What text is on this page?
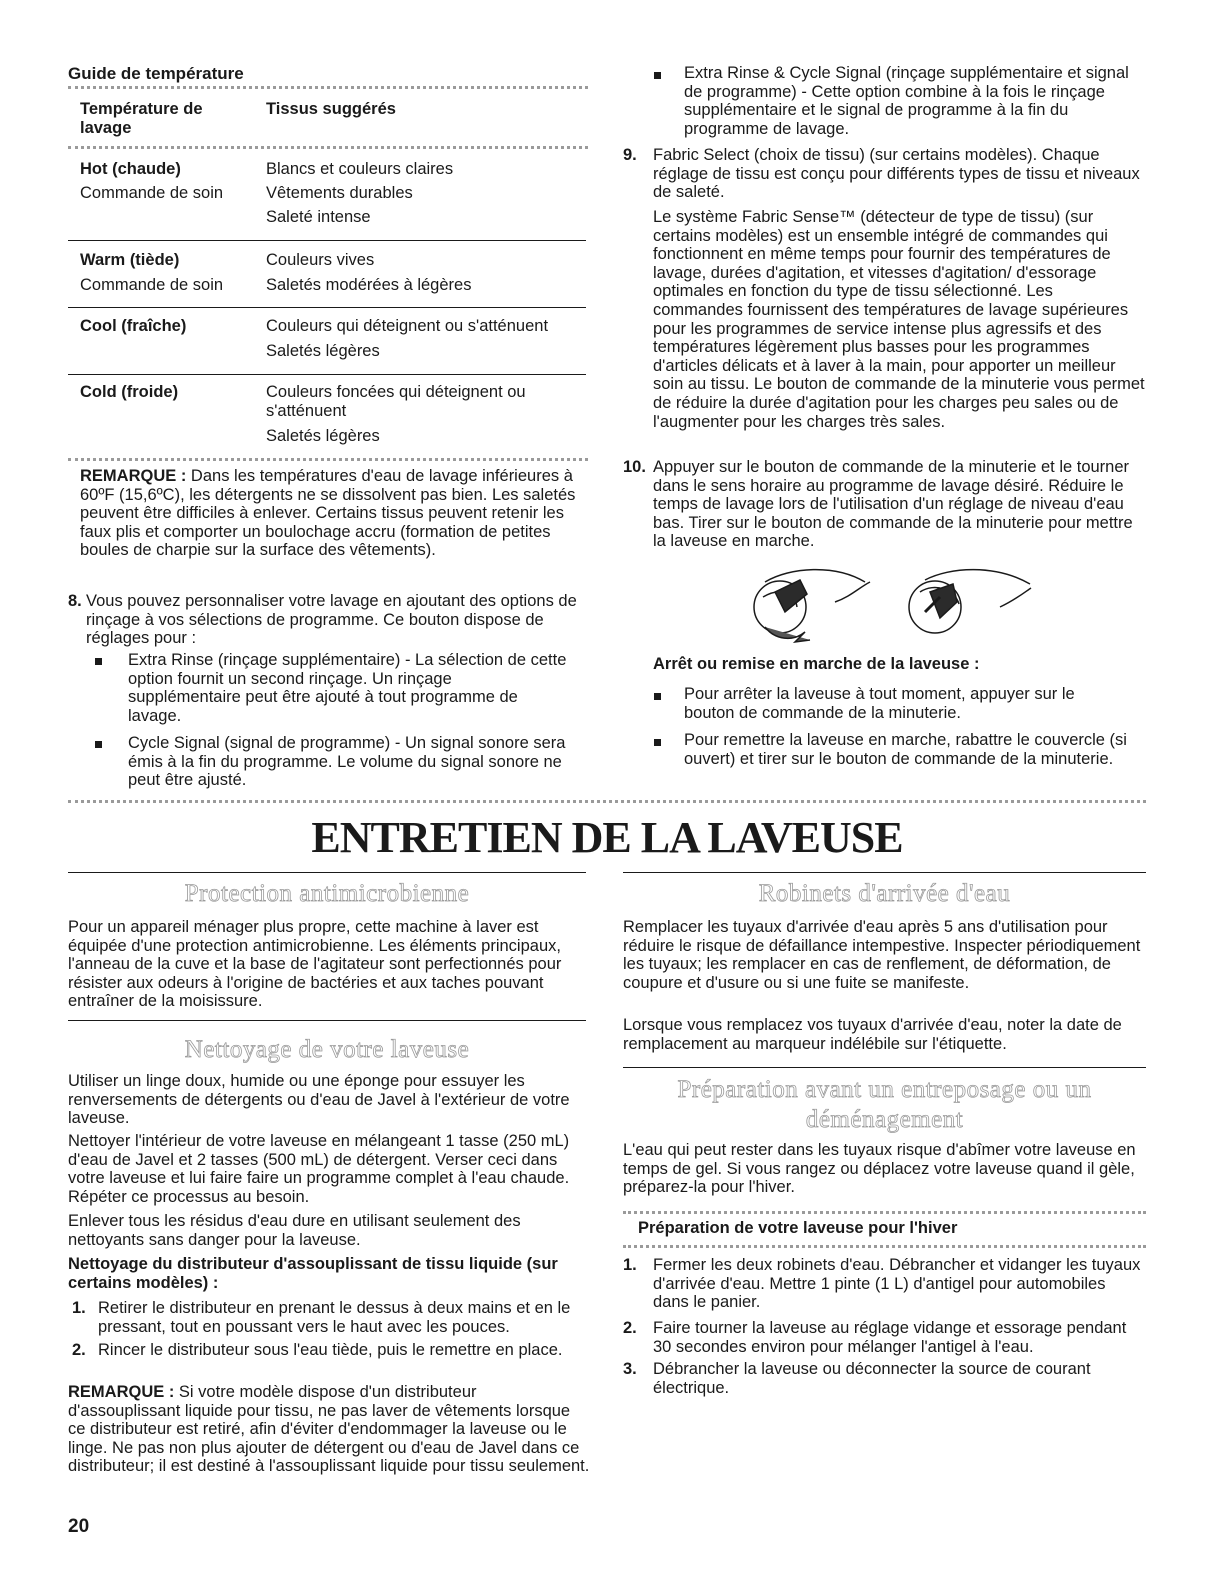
Guide de température
Température de lavage
Tissus suggérés
Hot (chaude)
Commande de soin
Blancs et couleurs claires
Vêtements durables
Saleté intense
Warm (tiède)
Commande de soin
Couleurs vives
Saletés modérées à légères
Cool (fraîche)	Couleurs qui déteignent ou s'atténuent
Saletés légères
Cold (froide)	Couleurs foncées qui déteignent ou s'atténuent
Saletés légères

REMARQUE : Dans les températures d'eau de lavage inférieures à 60ºF (15,6ºC), les détergents ne se dissolvent pas bien. Les saletés peuvent être difficiles à enlever. Certains tissus peuvent retenir les faux plis et comporter un boulochage accru (formation de petites boules de charpie sur la surface des vêtements).

8. Vous pouvez personnaliser votre lavage en ajoutant des options de rinçage à vos sélections de programme. Ce bouton dispose de réglages pour :

Extra Rinse (rinçage supplémentaire) - La sélection de cette option fournit un second rinçage. Un rinçage supplémentaire peut être ajouté à tout programme de lavage.

Cycle Signal (signal de programme) - Un signal sonore sera émis à la fin du programme. Le volume du signal sonore ne peut être ajusté.

Extra Rinse & Cycle Signal (rinçage supplémentaire et signal de programme) - Cette option combine à la fois le rinçage supplémentaire et le signal de programme à la fin du programme de lavage.

9. Fabric Select (choix de tissu) (sur certains modèles). Chaque réglage de tissu est conçu pour différents types de tissu et niveaux de saleté.

Le système Fabric Sense™ (détecteur de type de tissu) (sur certains modèles) est un ensemble intégré de commandes qui fonctionnent en même temps pour fournir des températures de lavage, durées d'agitation, et vitesses d'agitation/ d'essorage optimales en fonction du type de tissu sélectionné. Les commandes fournissent des températures de lavage supérieures pour les programmes de service intense plus agressifs et des températures légèrement plus basses pour les programmes d'articles délicats et à laver à la main, pour apporter un meilleur soin au tissu. Le bouton de commande de la minuterie vous permet de réduire la durée d'agitation pour les charges peu sales ou de l'augmenter pour les charges très sales.

10. Appuyer sur le bouton de commande de la minuterie et le tourner dans le sens horaire au programme de lavage désiré. Réduire le temps de lavage lors de l'utilisation d'un réglage de niveau d'eau bas. Tirer sur le bouton de commande de la minuterie pour mettre la laveuse en marche.

Arrêt ou remise en marche de la laveuse :

Pour arrêter la laveuse à tout moment, appuyer sur le bouton de commande de la minuterie.

Pour remettre la laveuse en marche, rabattre le couvercle (si ouvert) et tirer sur le bouton de commande de la minuterie.

ENTRETIEN DE LA LAVEUSE
Protection antimicrobienne

Pour un appareil ménager plus propre, cette machine à laver est équipée d'une protection antimicrobienne. Les éléments principaux, l'anneau de la cuve et la base de l'agitateur sont perfectionnés pour résister aux odeurs à l'origine de bactéries et aux taches pouvant entraîner de la moisissure.

Nettoyage de votre laveuse

Utiliser un linge doux, humide ou une éponge pour essuyer les renversements de détergents ou d'eau de Javel à l'extérieur de votre laveuse.

Nettoyer l'intérieur de votre laveuse en mélangeant 1 tasse (250 mL) d'eau de Javel et 2 tasses (500 mL) de détergent. Verser ceci dans votre laveuse et lui faire faire un programme complet à l'eau chaude. Répéter ce processus au besoin.

Enlever tous les résidus d'eau dure en utilisant seulement des nettoyants sans danger pour la laveuse.

Nettoyage du distributeur d'assouplissant de tissu liquide (sur certains modèles) :

1. Retirer le distributeur en prenant le dessus à deux mains et en le pressant, tout en poussant vers le haut avec les pouces.

2. Rincer le distributeur sous l'eau tiède, puis le remettre en place.

REMARQUE : Si votre modèle dispose d'un distributeur d'assouplissant liquide pour tissu, ne pas laver de vêtements lorsque ce distributeur est retiré, afin d'éviter d'endommager la laveuse ou le linge. Ne pas non plus ajouter de détergent ou d'eau de Javel dans ce distributeur; il est destiné à l'assouplissant liquide pour tissu seulement.

Robinets d'arrivée d'eau

Remplacer les tuyaux d'arrivée d'eau après 5 ans d'utilisation pour réduire le risque de défaillance intempestive. Inspecter périodiquement les tuyaux; les remplacer en cas de renflement, de déformation, de coupure et d'usure ou si une fuite se manifeste.

Lorsque vous remplacez vos tuyaux d'arrivée d'eau, noter la date de remplacement au marqueur indélébile sur l'étiquette.

Préparation avant un entreposage ou un
déménagement

L'eau qui peut rester dans les tuyaux risque d'abîmer votre laveuse en temps de gel. Si vous rangez ou déplacez votre laveuse quand il gèle, préparez-la pour l'hiver.

Préparation de votre laveuse pour l'hiver
1. Fermer les deux robinets d'eau. Débrancher et vidanger les tuyaux d'arrivée d'eau. Mettre 1 pinte (1 L) d'antigel pour automobiles dans le panier.

2. Faire tourner la laveuse au réglage vidange et essorage pendant 30 secondes environ pour mélanger l'antigel à l'eau.

3. Débrancher la laveuse ou déconnecter la source de courant électrique.

20
